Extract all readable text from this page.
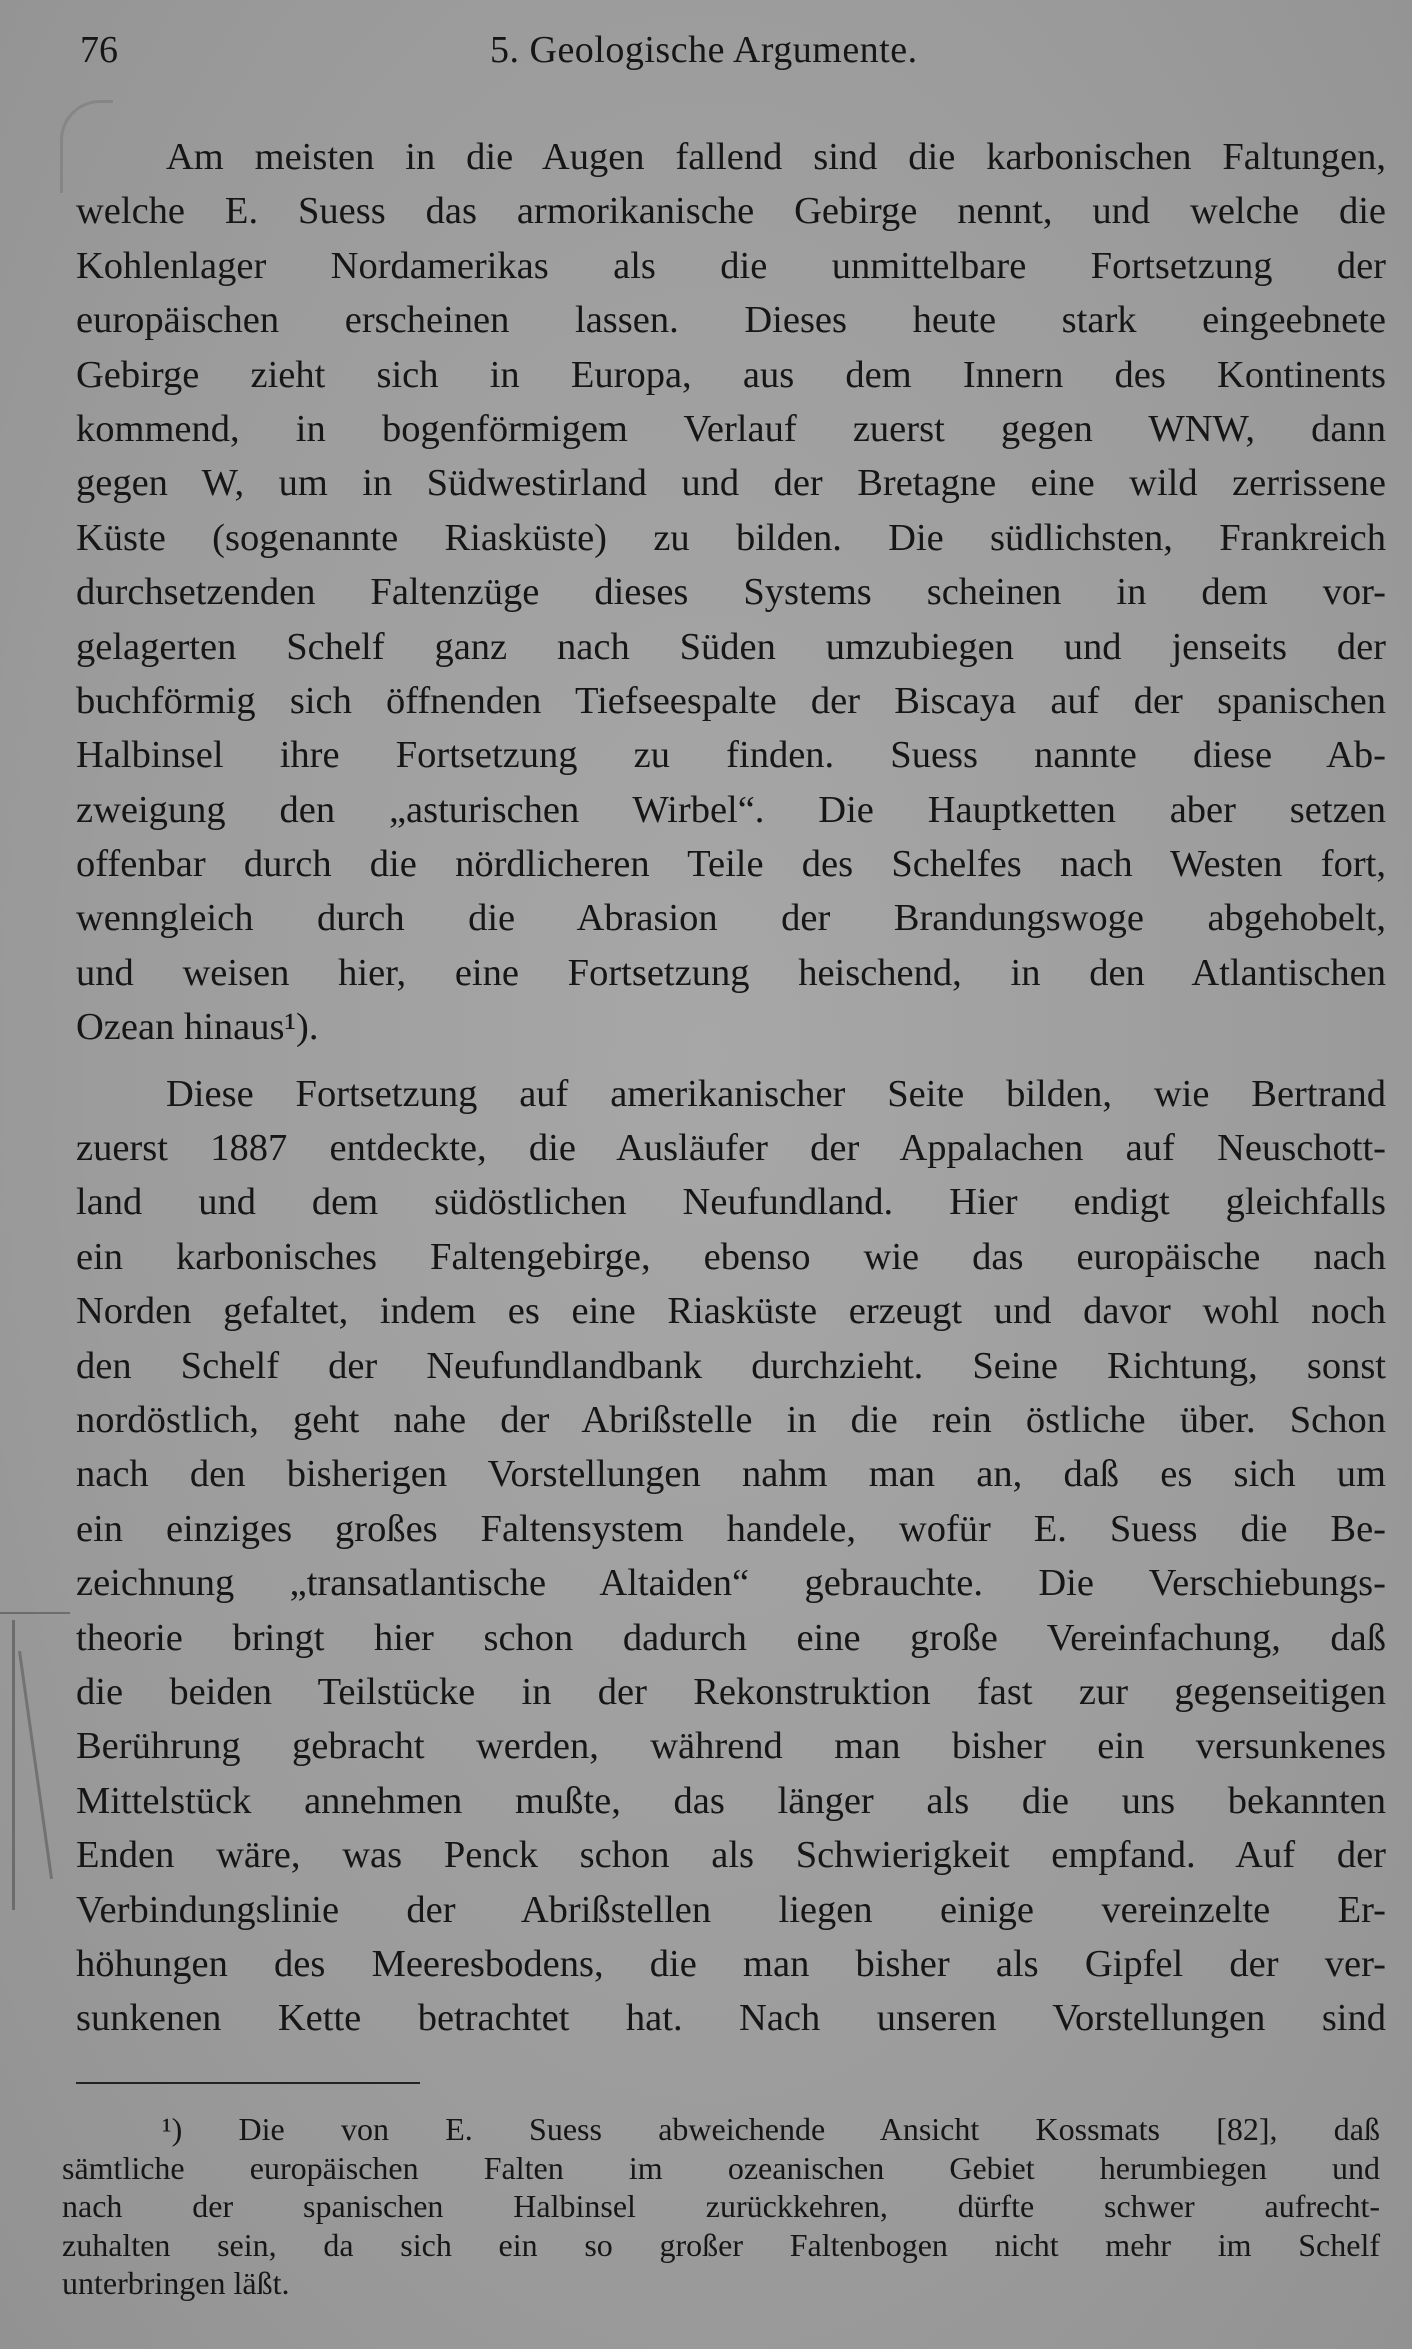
76	5. Geologische Argumente.
Am meisten in die Augen fallend sind die karbonischen Faltungen,
welche E. Suess das armorikanische Gebirge nennt, und welche die
Kohlenlager Nordamerikas als die unmittelbare Fortsetzung der
europäischen erscheinen lassen. Dieses heute stark eingeebnete
Gebirge zieht sich in Europa, aus dem Innern des Kontinents
kommend, in bogenförmigem Verlauf zuerst gegen WNW, dann
gegen W, um in Südwestirland und der Bretagne eine wild zerrissene
Küste (sogenannte Riasküste) zu bilden. Die südlichsten, Frankreich
durchsetzenden Faltenzüge dieses Systems scheinen in dem vor-
gelagerten Schelf ganz nach Süden umzubiegen und jenseits der
buchförmig sich öffnenden Tiefseespalte der Biscaya auf der spanischen
Halbinsel ihre Fortsetzung zu finden. Suess nannte diese Ab-
zweigung den „asturischen Wirbel“. Die Hauptketten aber setzen
offenbar durch die nördlicheren Teile des Schelfes nach Westen fort,
wenngleich durch die Abrasion der Brandungswoge abgehobelt,
und weisen hier, eine Fortsetzung heischend, in den Atlantischen
Ozean hinaus¹).
Diese Fortsetzung auf amerikanischer Seite bilden, wie Bertrand
zuerst 1887 entdeckte, die Ausläufer der Appalachen auf Neuschott-
land und dem südöstlichen Neufundland. Hier endigt gleichfalls
ein karbonisches Faltengebirge, ebenso wie das europäische nach
Norden gefaltet, indem es eine Riasküste erzeugt und davor wohl noch
den Schelf der Neufundlandbank durchzieht. Seine Richtung, sonst
nordöstlich, geht nahe der Abrißstelle in die rein östliche über. Schon
nach den bisherigen Vorstellungen nahm man an, daß es sich um
ein einziges großes Faltensystem handele, wofür E. Suess die Be-
zeichnung „transatlantische Altaiden“ gebrauchte. Die Verschiebungs-
theorie bringt hier schon dadurch eine große Vereinfachung, daß
die beiden Teilstücke in der Rekonstruktion fast zur gegenseitigen
Berührung gebracht werden, während man bisher ein versunkenes
Mittelstück annehmen mußte, das länger als die uns bekannten
Enden wäre, was Penck schon als Schwierigkeit empfand. Auf der
Verbindungslinie der Abrißstellen liegen einige vereinzelte Er-
höhungen des Meeresbodens, die man bisher als Gipfel der ver-
sunkenen Kette betrachtet hat. Nach unseren Vorstellungen sind
¹) Die von E. Suess abweichende Ansicht Kossmats [82], daß
sämtliche europäischen Falten im ozeanischen Gebiet herumbiegen und
nach der spanischen Halbinsel zurückkehren, dürfte schwer aufrecht-
zuhalten sein, da sich ein so großer Faltenbogen nicht mehr im Schelf
unterbringen läßt.
